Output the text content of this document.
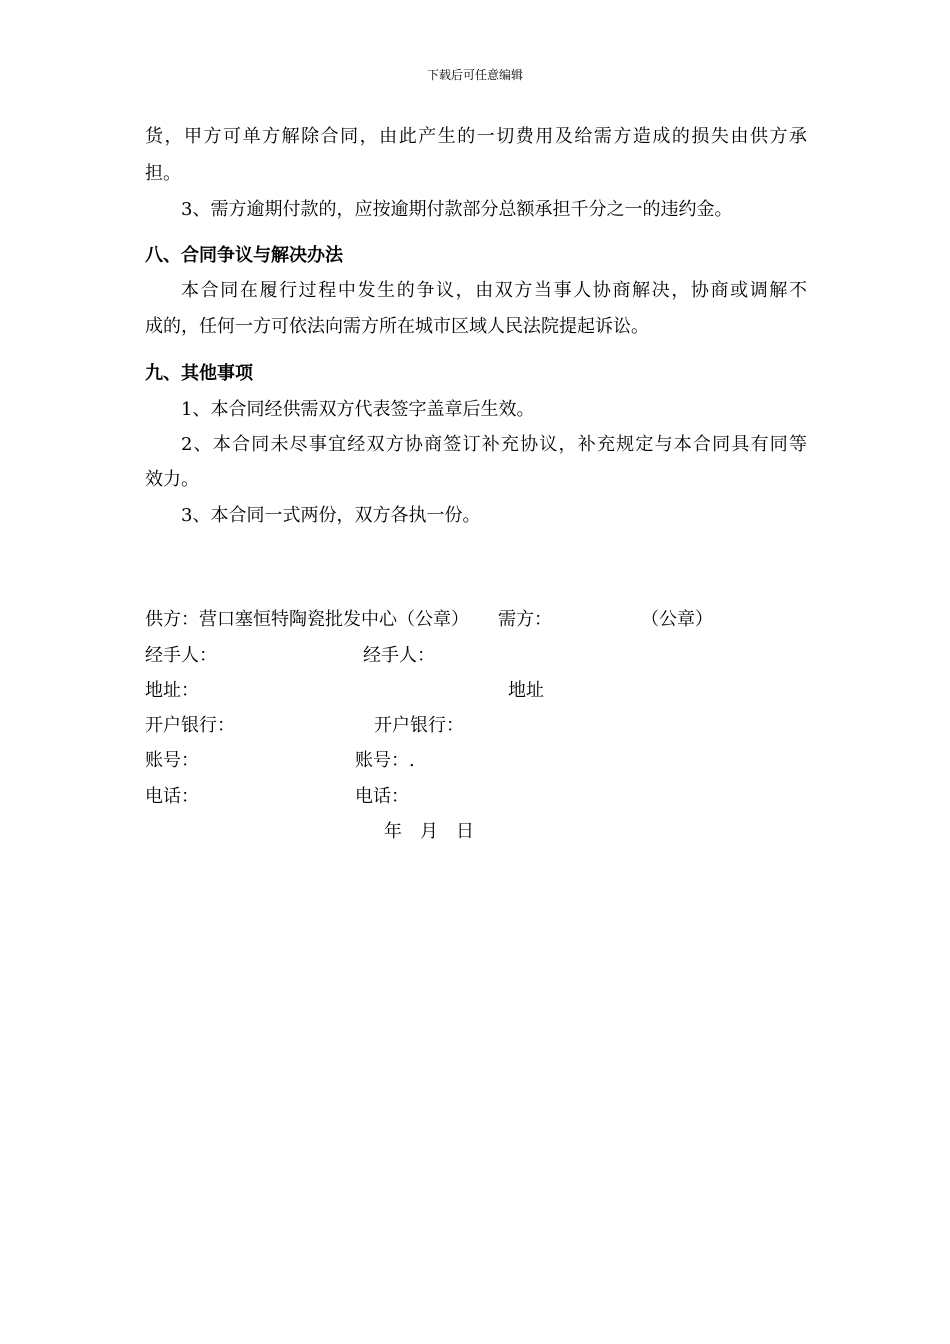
下载后可任意编辑
货，甲方可单方解除合同，由此产生的一切费用及给需方造成的损失由供方承
担。
3、需方逾期付款的，应按逾期付款部分总额承担千分之一的违约金。
八、合同争议与解决办法
本合同在履行过程中发生的争议，由双方当事人协商解决，协商或调解不
成的，任何一方可依法向需方所在城市区域人民法院提起诉讼。
九、其他事项
1、本合同经供需双方代表签字盖章后生效。
2、本合同未尽事宜经双方协商签订补充协议，补充规定与本合同具有同等
效力。
3、本合同一式两份，双方各执一份。
供方：营口塞恒特陶瓷批发中心（公章） 需方：	（公章）
经手人：	经手人：
地址：	地址
开户银行：	开户银行：
账号：	账号：.
电话：	电话：
年　月　日
